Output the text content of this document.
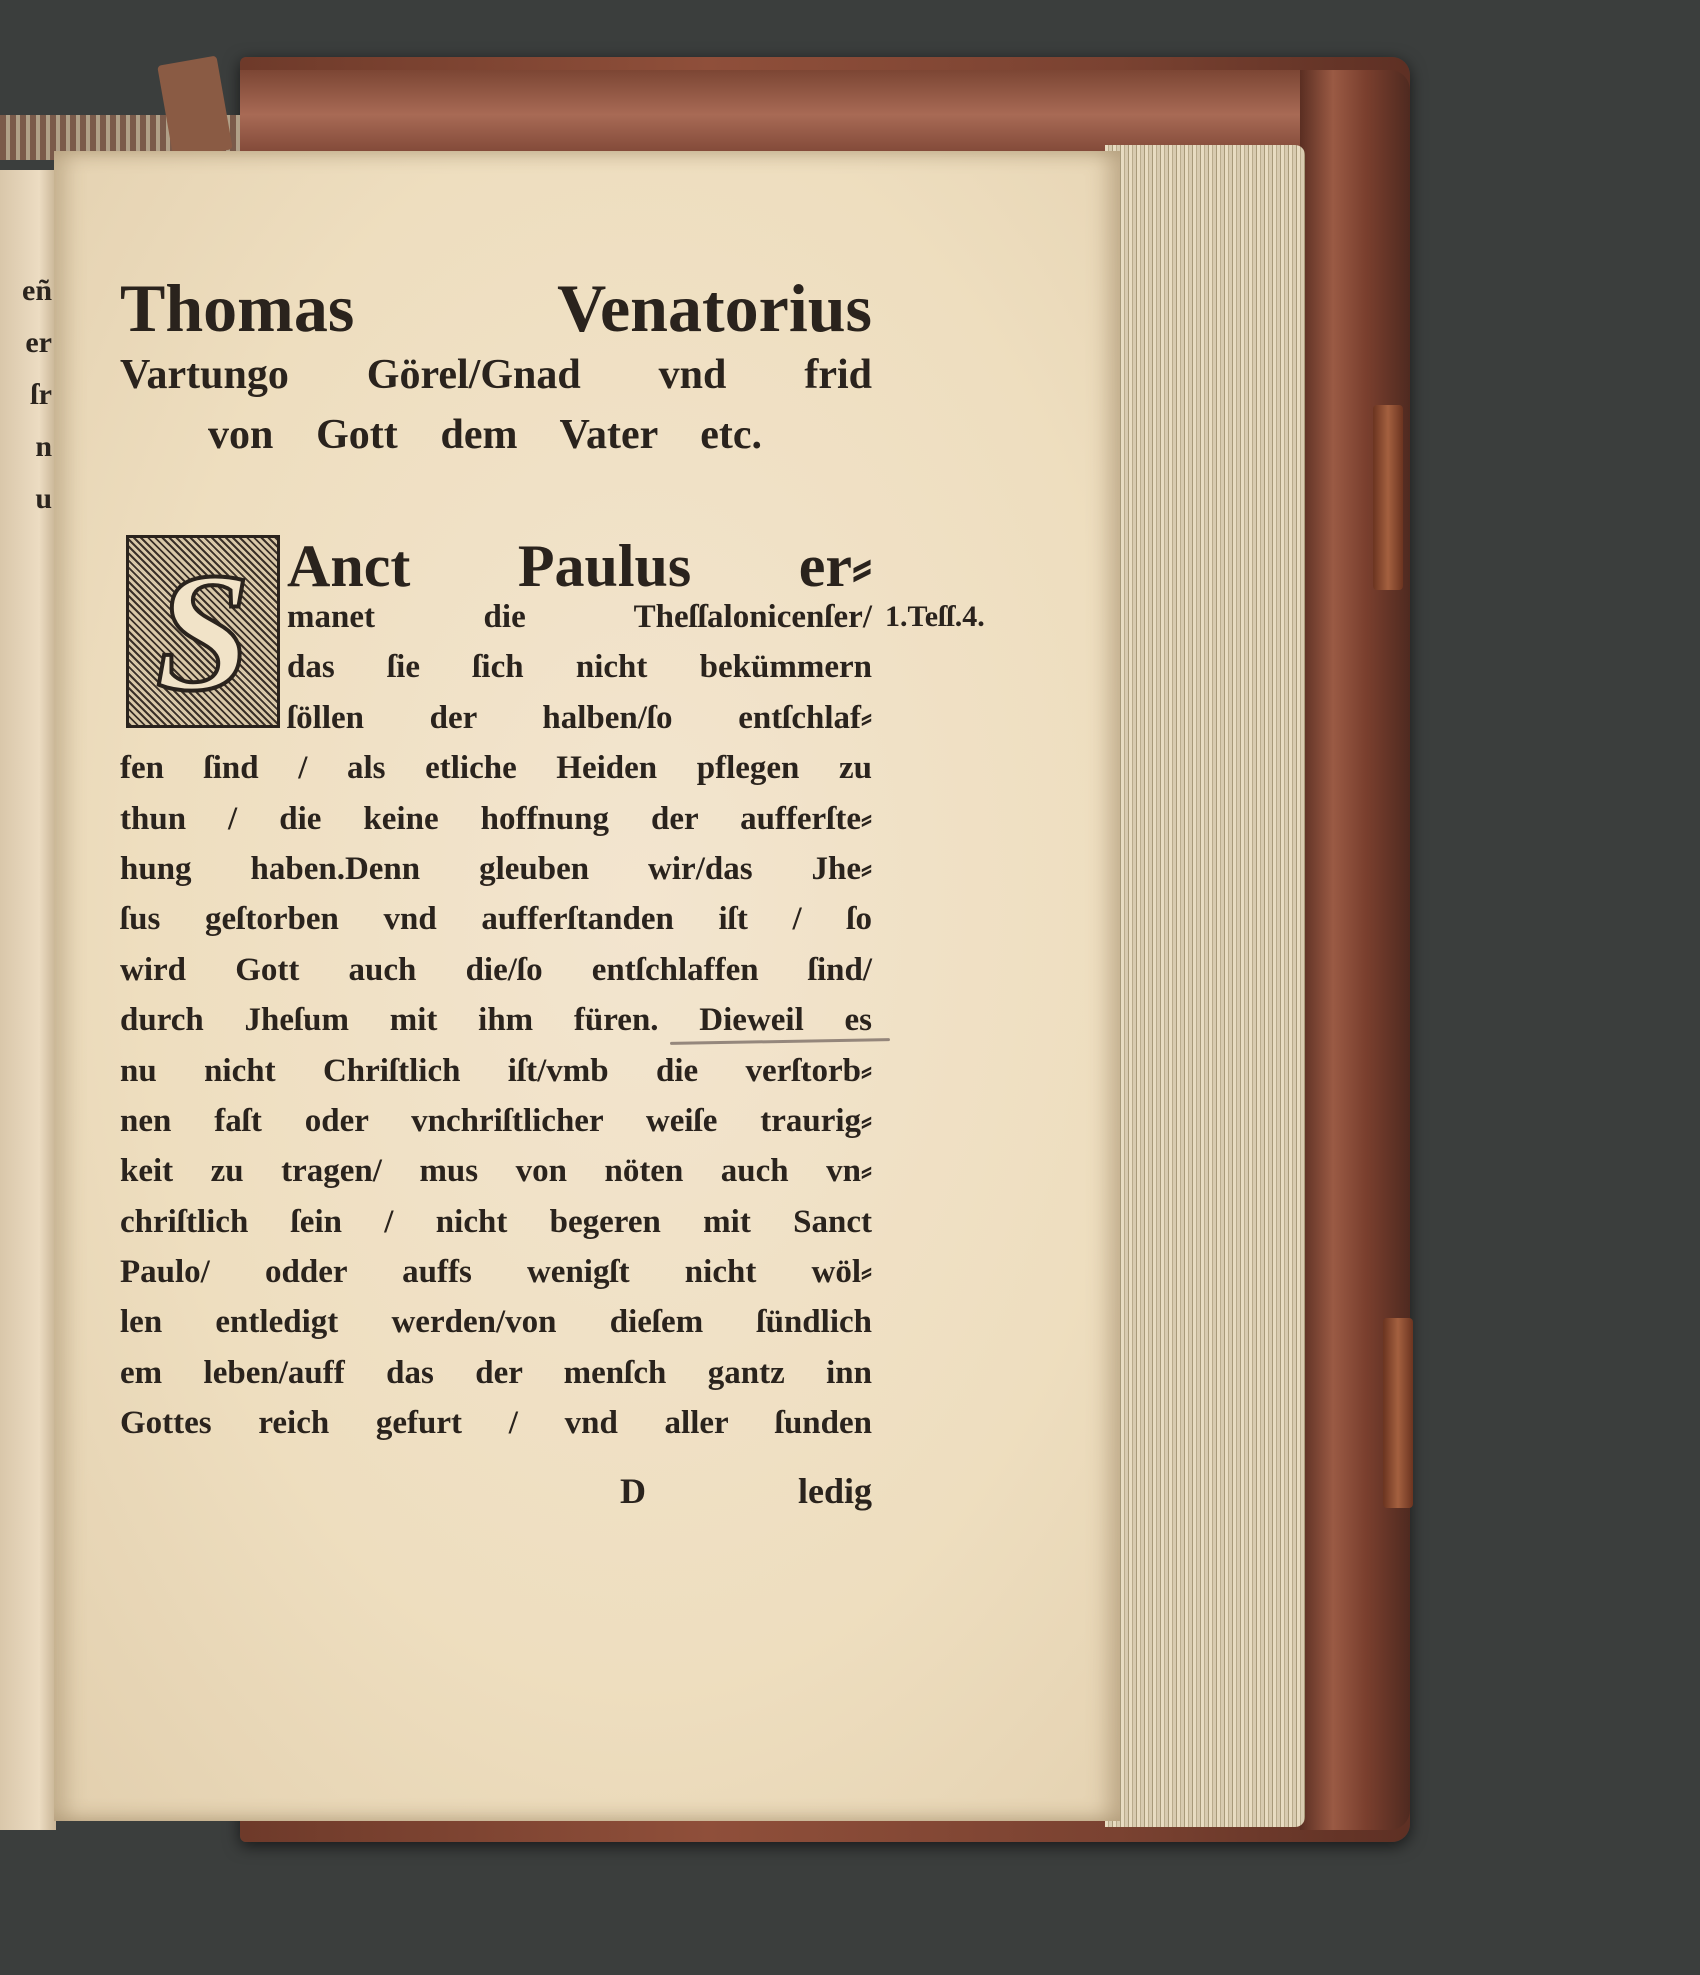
eñ
er
ſr
n
u
Thomas Venatorius
Vartungo Görel/Gnad vnd frid
von Gott dem Vater etc.
S Anct Paulus er⸗
manet die Theſſalonicenſer/
das ſie ſich nicht bekümmern
ſöllen der halben/ſo entſchlaf⸗
fen ſind / als etliche Heiden pflegen zu
thun / die keine hoffnung der aufferſte⸗
hung haben.Denn gleuben wir/das Jhe⸗
ſus geſtorben vnd aufferſtanden iſt / ſo
wird Gott auch die/ſo entſchlaffen ſind/
durch Jheſum mit ihm füren. Dieweil es
nu nicht Chriſtlich iſt/vmb die verſtorb⸗
nen faſt oder vnchriſtlicher weiſe traurig⸗
keit zu tragen/ mus von nöten auch vn⸗
chriſtlich ſein / nicht begeren mit Sanct
Paulo/ odder auffs wenigſt nicht wöl⸗
len entledigt werden/von dieſem ſündlich
em leben/auff das der menſch gantz inn
Gottes reich gefurt / vnd aller ſunden
1.Teſſ.4.
D	ledig
